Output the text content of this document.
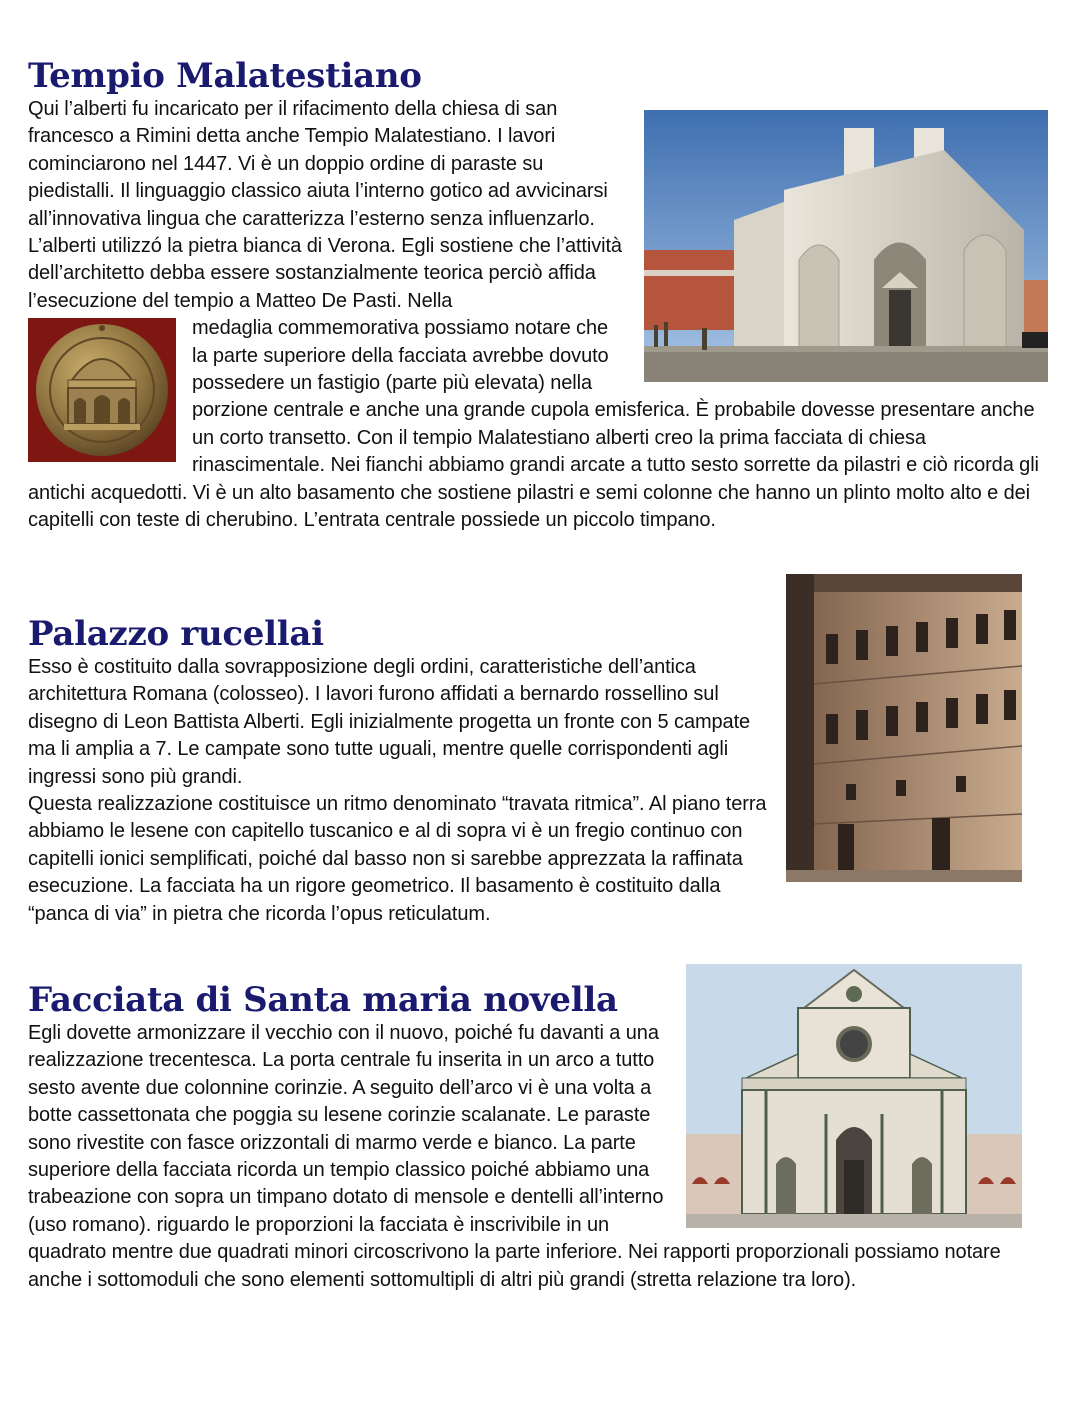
Tempio Malatestiano

Qui l’alberti fu incaricato per il rifacimento della chiesa di san francesco a Rimini detta anche Tempio Malatestiano. I lavori cominciarono nel 1447. Vi è un doppio ordine di paraste su piedistalli. Il linguaggio classico aiuta l’interno gotico ad avvicinarsi all’innovativa lingua che caratterizza l’esterno senza influenzarlo. L’alberti utilizzó la pietra bianca di Verona. Egli sostiene che l’attività dell’architetto debba essere sostanzialmente teorica perciò affida l’esecuzione del tempio a Matteo De Pasti. Nella

medaglia commemorativa possiamo notare che la parte superiore della facciata avrebbe dovuto possedere un fastigio (parte più elevata) nella porzione centrale e anche una grande cupola emisferica. È probabile dovesse presentare anche un corto transetto. Con il tempio Malatestiano alberti creo la prima facciata di chiesa rinascimentale. Nei fianchi abbiamo grandi arcate a tutto sesto sorrette da pilastri e ciò ricorda gli antichi acquedotti. Vi è un alto basamento che sostiene pilastri e semi colonne che hanno un plinto molto alto e dei capitelli con teste di cherubino. L’entrata centrale possiede un piccolo timpano.

Palazzo rucellai

Esso è costituito dalla sovrapposizione degli ordini, caratteristiche dell’antica architettura Romana (colosseo). I lavori furono affidati a bernardo rossellino sul disegno di Leon Battista Alberti. Egli inizialmente progetta un fronte con 5 campate ma li amplia a 7. Le campate sono tutte uguali, mentre quelle corrispondenti agli ingressi sono più grandi.

Questa realizzazione costituisce un ritmo denominato “travata ritmica”. Al piano terra abbiamo le lesene con capitello tuscanico e al di sopra vi è un fregio continuo con capitelli ionici semplificati, poiché dal basso non si sarebbe apprezzata la raffinata esecuzione. La facciata ha un rigore geometrico. Il basamento è costituito dalla “panca di via” in pietra che ricorda l’opus reticulatum.

Facciata di Santa maria novella

Egli dovette armonizzare il vecchio con il nuovo, poiché fu davanti a una realizzazione trecentesca. La porta centrale fu inserita in un arco a tutto sesto avente due colonnine corinzie. A seguito dell’arco vi è una volta a botte cassettonata che poggia su lesene corinzie scalanate. Le paraste sono rivestite con fasce orizzontali di marmo verde e bianco. La parte superiore della facciata ricorda un tempio classico poiché abbiamo una trabeazione con sopra un timpano dotato di mensole e dentelli all’interno (uso romano). riguardo le proporzioni la facciata è inscrivibile in un quadrato mentre due quadrati minori circoscrivono la parte inferiore. Nei rapporti proporzionali possiamo notare anche i sottomoduli che sono elementi sottomultipli di altri più grandi (stretta relazione tra loro).
